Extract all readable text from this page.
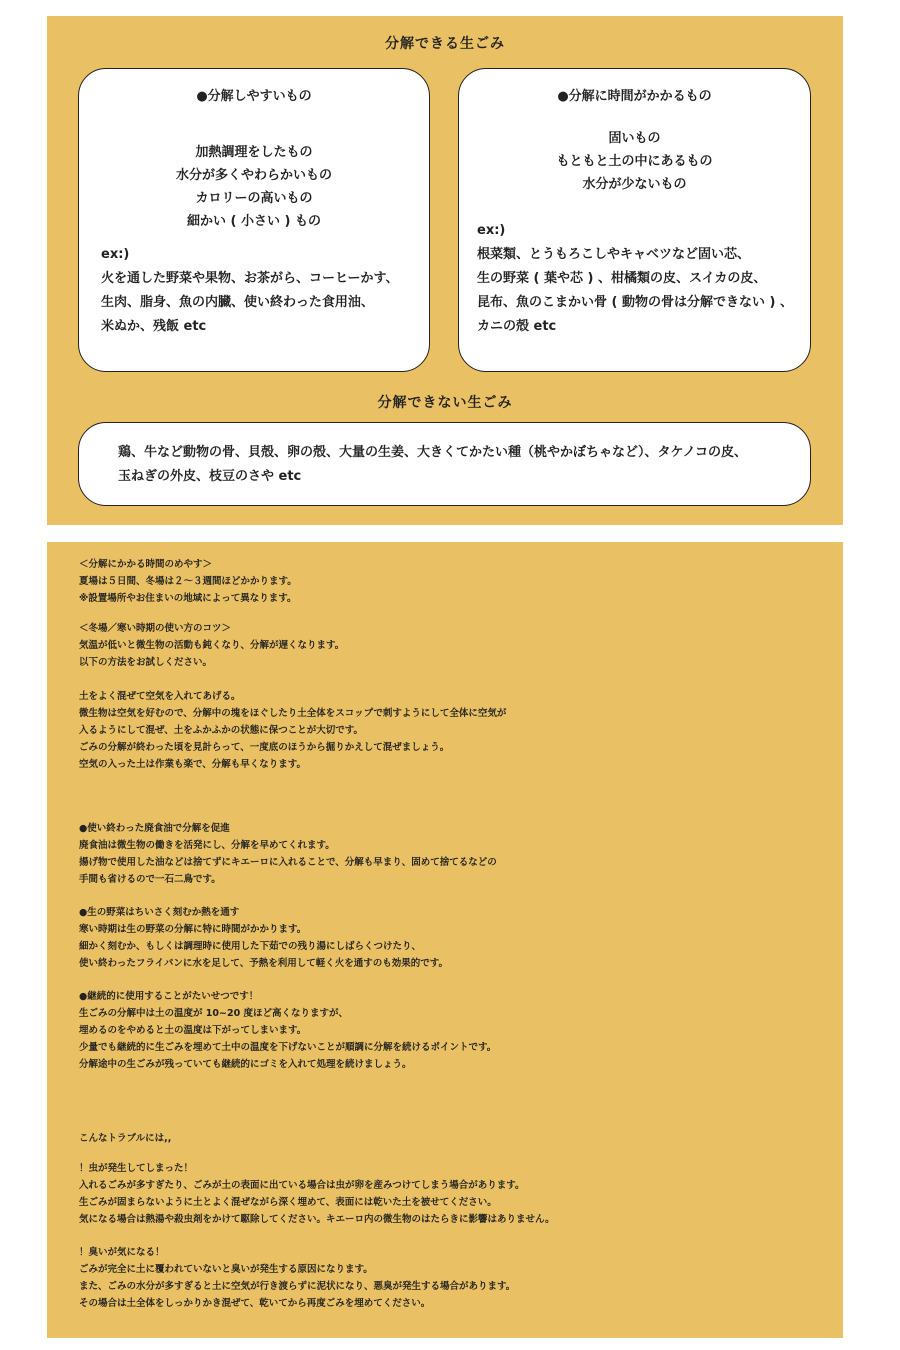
分解できる生ごみ
●分解しやすいもの
加熱調理をしたもの
水分が多くやわらかいもの
カロリーの高いもの
細かい ( 小さい ) もの
ex:)
火を通した野菜や果物、お茶がら、コーヒーかす、
生肉、脂身、魚の内臓、使い終わった食用油、
米ぬか、残飯 etc
●分解に時間がかかるもの
固いもの
もともと土の中にあるもの
水分が少ないもの
ex:)
根菜類、とうもろこしやキャベツなど固い芯、
生の野菜 ( 葉や芯 ) 、柑橘類の皮、スイカの皮、
昆布、魚のこまかい骨 ( 動物の骨は分解できない ) 、
カニの殻 etc
分解できない生ごみ
鶏、牛など動物の骨、貝殻、卵の殻、大量の生姜、大きくてかたい種（桃やかぼちゃなど）、タケノコの皮、
玉ねぎの外皮、枝豆のさや etc
＜分解にかかる時間のめやす＞
夏場は５日間、冬場は２～３週間ほどかかります。
※設置場所やお住まいの地域によって異なります。
＜冬場／寒い時期の使い方のコツ＞
気温が低いと微生物の活動も鈍くなり、分解が遅くなります。
以下の方法をお試しください。
土をよく混ぜて空気を入れてあげる。
微生物は空気を好むので、分解中の塊をほぐしたり土全体をスコップで刺すようにして全体に空気が
入るようにして混ぜ、土をふかふかの状態に保つことが大切です。
ごみの分解が終わった頃を見計らって、一度底のほうから掘りかえして混ぜましょう。
空気の入った土は作業も楽で、分解も早くなります。
●使い終わった廃食油で分解を促進
廃食油は微生物の働きを活発にし、分解を早めてくれます。
揚げ物で使用した油などは捨てずにキエーロに入れることで、分解も早まり、固めて捨てるなどの
手間も省けるので一石二鳥です。
●生の野菜はちいさく刻むか熱を通す
寒い時期は生の野菜の分解に特に時間がかかります。
細かく刻むか、もしくは調理時に使用した下茹での残り湯にしばらくつけたり、
使い終わったフライパンに水を足して、予熱を利用して軽く火を通すのも効果的です。
●継続的に使用することがたいせつです！
生ごみの分解中は土の温度が 10~20 度ほど高くなりますが、
埋めるのをやめると土の温度は下がってしまいます。
少量でも継続的に生ごみを埋めて土中の温度を下げないことが順調に分解を続けるポイントです。
分解途中の生ごみが残っていても継続的にゴミを入れて処理を続けましょう。
こんなトラブルには,,
！虫が発生してしまった！
入れるごみが多すぎたり、ごみが土の表面に出ている場合は虫が卵を産みつけてしまう場合があります。
生ごみが固まらないように土とよく混ぜながら深く埋めて、表面には乾いた土を被せてください。
気になる場合は熱湯や殺虫剤をかけて駆除してください。キエーロ内の微生物のはたらきに影響はありません。
！臭いが気になる！
ごみが完全に土に覆われていないと臭いが発生する原因になります。
また、ごみの水分が多すぎると土に空気が行き渡らずに泥状になり、悪臭が発生する場合があります。
その場合は土全体をしっかりかき混ぜて、乾いてから再度ごみを埋めてください。
